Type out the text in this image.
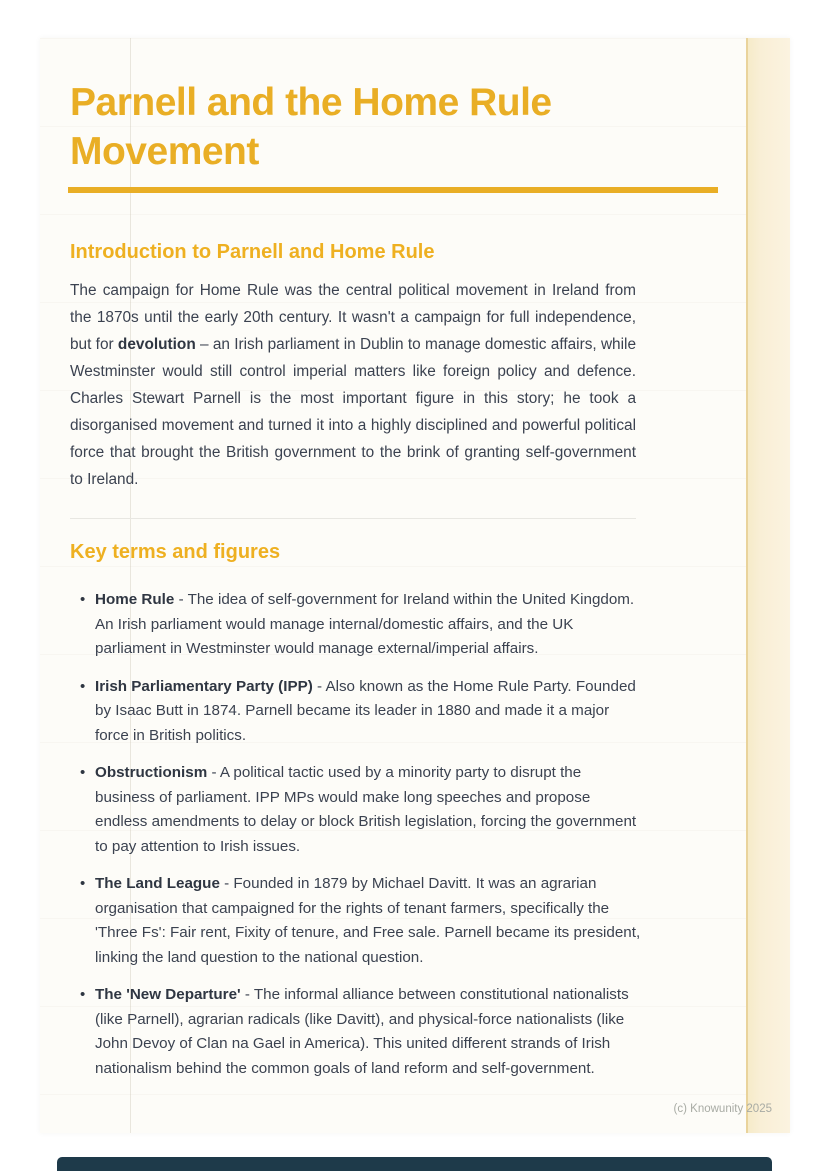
Parnell and the Home Rule Movement
Introduction to Parnell and Home Rule

The campaign for Home Rule was the central political movement in Ireland from the 1870s until the early 20th century. It wasn't a campaign for full independence, but for devolution – an Irish parliament in Dublin to manage domestic affairs, while Westminster would still control imperial matters like foreign policy and defence. Charles Stewart Parnell is the most important figure in this story; he took a disorganised movement and turned it into a highly disciplined and powerful political force that brought the British government to the brink of granting self-government to Ireland.

Key terms and figures
• Home Rule - The idea of self-government for Ireland within the United Kingdom. An Irish parliament would manage internal/domestic affairs, and the UK parliament in Westminster would manage external/imperial affairs.
• Irish Parliamentary Party (IPP) - Also known as the Home Rule Party. Founded by Isaac Butt in 1874. Parnell became its leader in 1880 and made it a major force in British politics.
• Obstructionism - A political tactic used by a minority party to disrupt the business of parliament. IPP MPs would make long speeches and propose endless amendments to delay or block British legislation, forcing the government to pay attention to Irish issues.
• The Land League - Founded in 1879 by Michael Davitt. It was an agrarian organisation that campaigned for the rights of tenant farmers, specifically the 'Three Fs': Fair rent, Fixity of tenure, and Free sale. Parnell became its president, linking the land question to the national question.
• The 'New Departure' - The informal alliance between constitutional nationalists (like Parnell), agrarian radicals (like Davitt), and physical-force nationalists (like John Devoy of Clan na Gael in America). This united different strands of Irish nationalism behind the common goals of land reform and self-government.
(c) Knowunity 2025
